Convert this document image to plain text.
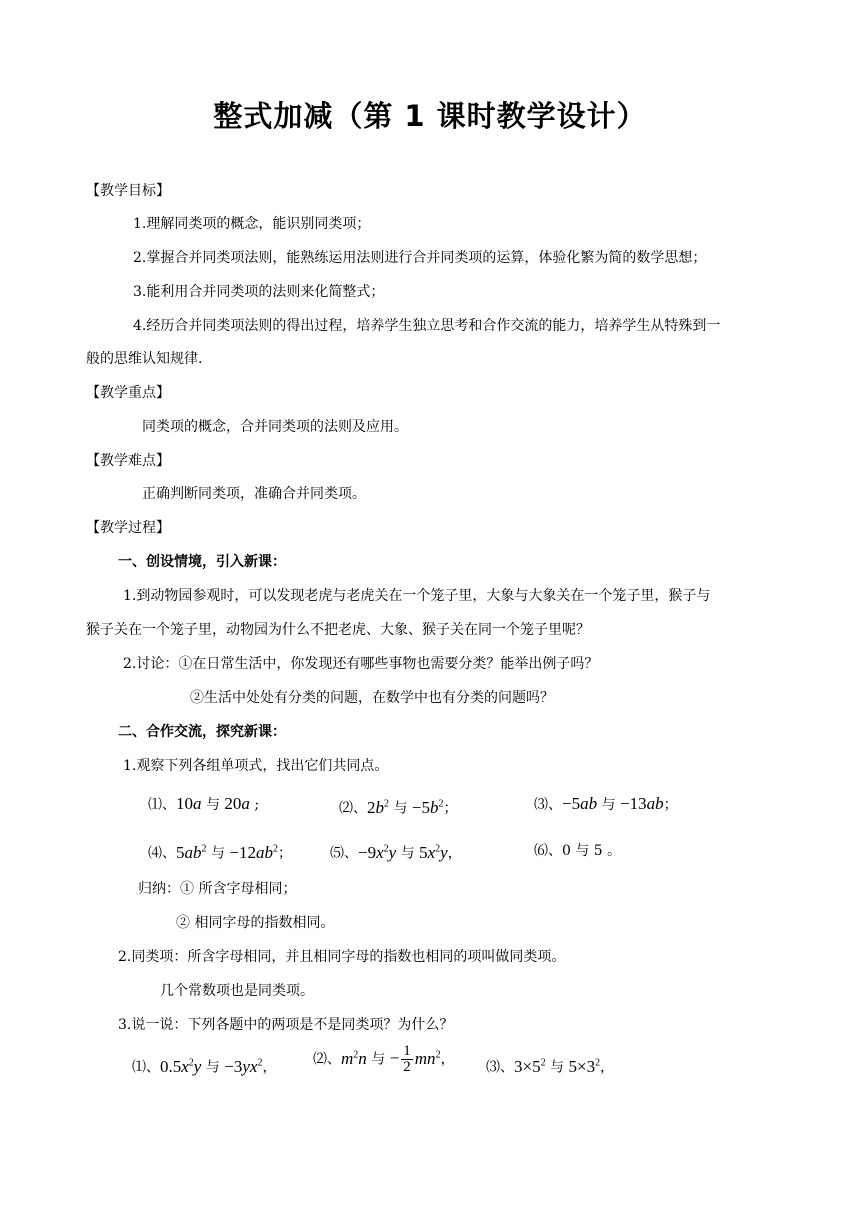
整式加减（第 1 课时教学设计）
【教学目标】
1.理解同类项的概念，能识别同类项；
2.掌握合并同类项法则，能熟练运用法则进行合并同类项的运算，体验化繁为简的数学思想；
3.能利用合并同类项的法则来化简整式；
4.经历合并同类项法则的得出过程，培养学生独立思考和合作交流的能力，培养学生从特殊到一
般的思维认知规律.
【教学重点】
同类项的概念，合并同类项的法则及应用。
【教学难点】
正确判断同类项，准确合并同类项。
【教学过程】
一、创设情境，引入新课：
1.到动物园参观时，可以发现老虎与老虎关在一个笼子里，大象与大象关在一个笼子里，猴子与
猴子关在一个笼子里，动物园为什么不把老虎、大象、猴子关在同一个笼子里呢？
2.讨论：①在日常生活中，你发现还有哪些事物也需要分类？能举出例子吗？
②生活中处处有分类的问题，在数学中也有分类的问题吗？
二、合作交流，探究新课：
1.观察下列各组单项式，找出它们共同点。
⑴、10a 与 20a ;	⑵、$2b^2$ 与 $-5b^2$；	⑶、−5ab 与 −13ab；
⑷、$5ab^2$ 与 $-12ab^2$；	⑸、$-9x^2y$ 与 $5x^2y$，	⑹、0 与 5 。
归纳：① 所含字母相同；
② 相同字母的指数相同。
2.同类项：所含字母相同，并且相同字母的指数也相同的项叫做同类项。
几个常数项也是同类项。
3.说一说：下列各题中的两项是不是同类项？为什么？
⑴、$0.5x^2y$ 与 $-3yx^2$，
⑵、$m^2n$ 与 − $\frac{1}{2} mn^2$，
⑶、$3\times 5^2$ 与 $5\times 3^2$，
